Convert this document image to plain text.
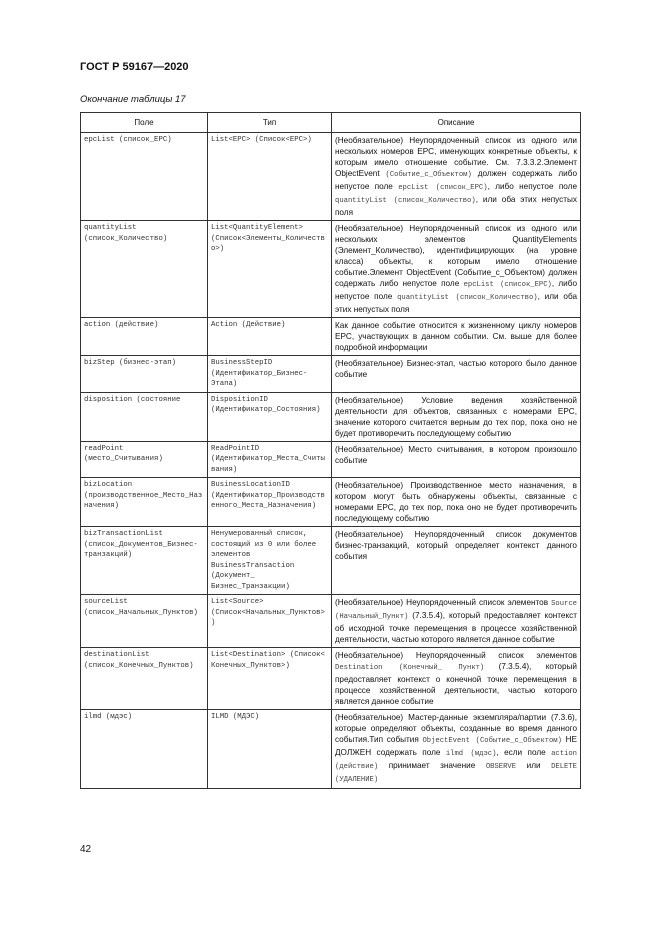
ГОСТ Р 59167—2020
Окончание таблицы 17
Поле	Тип	Описание
epcList (список_EPC)	List<EPC> (Список<EPC>)	(Необязательное) Неупорядоченный список из одного или нескольких номеров EPC, именующих конкретные объекты, к которым имело отношение событие. См. 7.3.3.2.Элемент ObjectEvent (Событие_с_Объектом) должен содержать либо непустое поле epcList (список_EPC), либо непустое поле quantityList (список_Количество), или оба этих непустых поля
quantityList (список_Количество)	List<QuantityElement> (Список<Элементы_Количество>)	(Необязательное) Неупорядоченный список из одного или нескольких элементов QuantityElements (Элемент_Количество), идентифицирующих (на уровне класса) объекты, к которым имело отношение событие.Элемент ObjectEvent (Событие_с_Объектом) должен содержать либо непустое поле epcList (список_EPC), либо непустое поле quantityList (список_Количество), или оба этих непустых поля
action (действие)	Action (Действие)	Как данное событие относится к жизненному циклу номеров EPC, участвующих в данном событии. См. выше для более подробной информации
bizStep (бизнес-этап)	BusinessStepID (Идентификатор_Бизнес-Этапа)	(Необязательное) Бизнес-этап, частью которого было данное событие
disposition (состояние	DispositionID (Идентификатор_Состояния)	(Необязательное) Условие ведения хозяйственной деятельности для объектов, связанных с номерами EPC, значение которого считается верным до тех пор, пока оно не будет противоречить последующему событию
readPoint (место_Считывания)	ReadPointID (Идентификатор_Места_Считывания)	(Необязательное) Место считывания, в котором произошло событие
bizLocation (производственное_Место_Назначения)	BusinessLocationID (Идентификатор_Производственного_Места_Назначения)	(Необязательное) Производственное место назначения, в котором могут быть обнаружены объекты, связанные с номерами EPC, до тех пор, пока оно не будет противоречить последующему событию
bizTransactionList (список_Документов_Бизнес-транзакций)	Ненумерованный список, состоящий из 0 или более элементов BusinessTransaction (Документ_ Бизнес_Транзакции)	(Необязательное) Неупорядоченный список документов бизнес-транзакций, который определяет контекст данного события
sourceList (список_Начальных_Пунктов)	List<Source> (Список<Начальных_Пунктов>)	(Необязательное) Неупорядоченный список элементов Source (Начальный_Пункт) (7.3.5.4), который предоставляет контекст об исходной точке перемещения в процессе хозяйственной деятельности, частью которого является данное событие
destinationList (список_Конечных_Пунктов)	List<Destination> (Список< Конечных_Пунктов>)	(Необязательное) Неупорядоченный список элементов Destination (Конечный_ Пункт) (7.3.5.4), который предоставляет контекст о конечной точке перемещения в процессе хозяйственной деятельности, частью которого является данное событие
ilmd (мдэс)	ILMD (МДЭС)	(Необязательное) Мастер-данные экземпляра/партии (7.3.6), которые определяют объекты, созданные во время данного события.Тип события ObjectEvent (Событие_с_Объектом) НЕ ДОЛЖЕН содержать поле ilmd (мдэс), если поле action (действие) принимает значение OBSERVE или DELETE (УДАЛЕНИЕ)
42
